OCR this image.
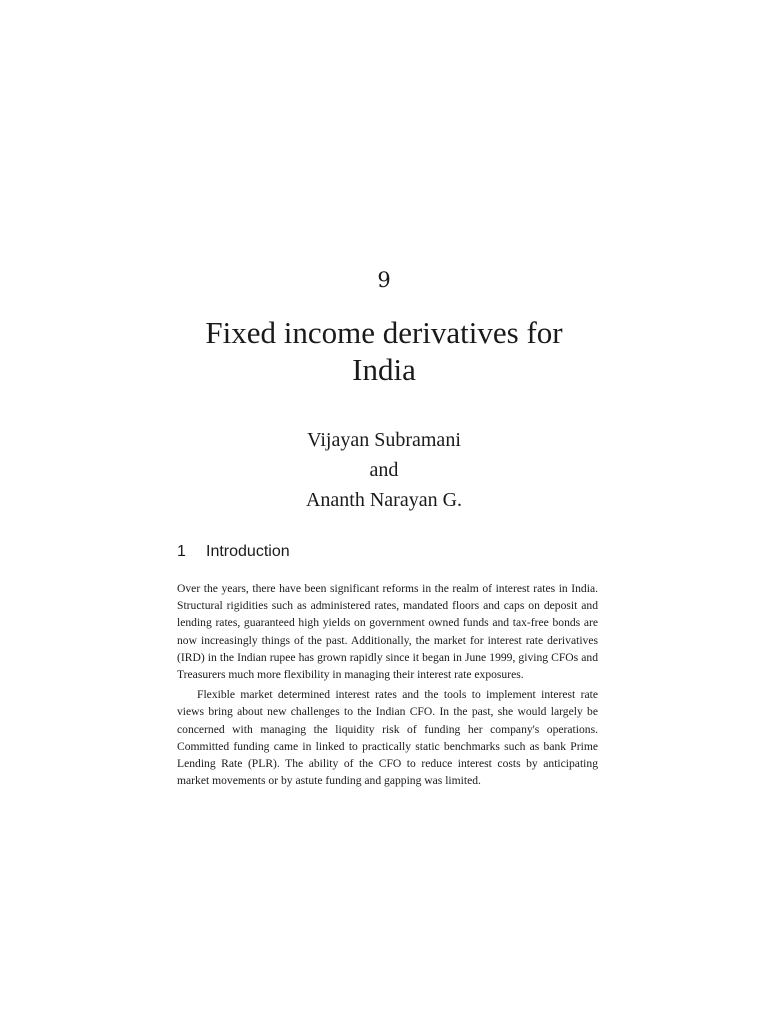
9
Fixed income derivatives for
India
Vijayan Subramani
and
Ananth Narayan G.
1	Introduction

Over the years, there have been significant reforms in the realm of interest rates in India. Structural rigidities such as administered rates, mandated floors and caps on deposit and lending rates, guaranteed high yields on government owned funds and tax-free bonds are now increasingly things of the past. Additionally, the market for interest rate derivatives (IRD) in the Indian rupee has grown rapidly since it began in June 1999, giving CFOs and Treasurers much more flexibility in managing their interest rate exposures.

Flexible market determined interest rates and the tools to implement interest rate views bring about new challenges to the Indian CFO. In the past, she would largely be concerned with managing the liquidity risk of funding her company's operations. Committed funding came in linked to practically static benchmarks such as bank Prime Lending Rate (PLR). The ability of the CFO to reduce interest costs by anticipating market movements or by astute funding and gapping was limited.
